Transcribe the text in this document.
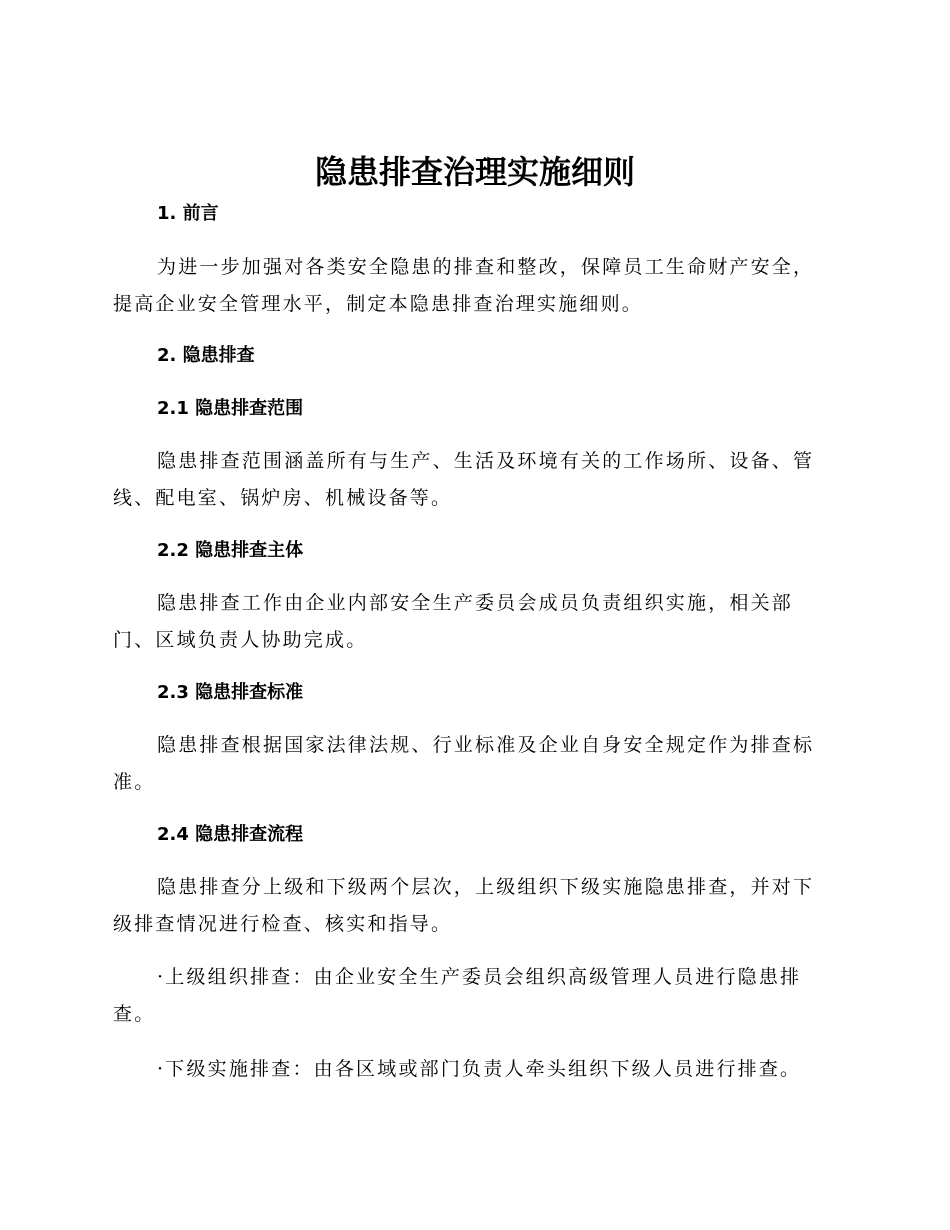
隐患排查治理实施细则
1. 前言

为进一步加强对各类安全隐患的排查和整改，保障员工生命财产安全，提高企业安全管理水平，制定本隐患排查治理实施细则。

2. 隐患排查
2.1 隐患排查范围

隐患排查范围涵盖所有与生产、生活及环境有关的工作场所、设备、管线、配电室、锅炉房、机械设备等。

2.2 隐患排查主体

隐患排查工作由企业内部安全生产委员会成员负责组织实施，相关部门、区域负责人协助完成。

2.3 隐患排查标准

隐患排查根据国家法律法规、行业标准及企业自身安全规定作为排查标准。

2.4 隐患排查流程

隐患排查分上级和下级两个层次，上级组织下级实施隐患排查，并对下级排查情况进行检查、核实和指导。

·上级组织排查：由企业安全生产委员会组织高级管理人员进行隐患排查。

·下级实施排查：由各区域或部门负责人牵头组织下级人员进行排查。
